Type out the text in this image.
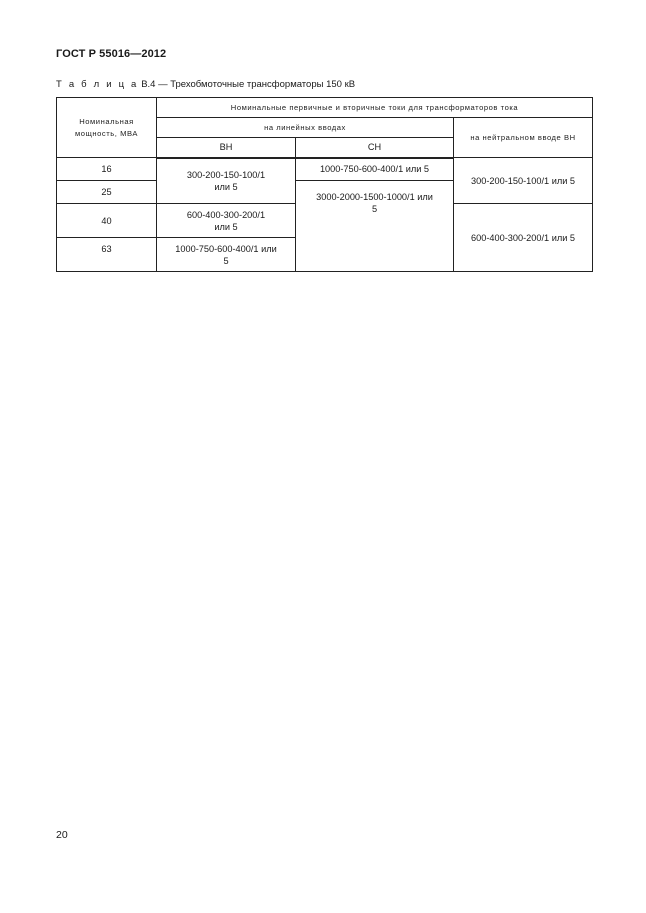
ГОСТ Р 55016—2012
Т а б л и ц а В.4 — Трехобмоточные трансформаторы 150 кВ
Номинальная мощность, МВА	Номинальные первичные и вторичные токи для трансформаторов тока		
	на линейных вводах		на нейтральном вводе ВН
	ВН	СН	
16	300-200-150-100/1 или 5	1000-750-600-400/1 или 5	300-200-150-100/1 или 5
25		3000-2000-1500-1000/1 или 5	

40	600-400-300-200/1 или 5		600-400-300-200/1 или 5
63	1000-750-600-400/1 или 5		
20
